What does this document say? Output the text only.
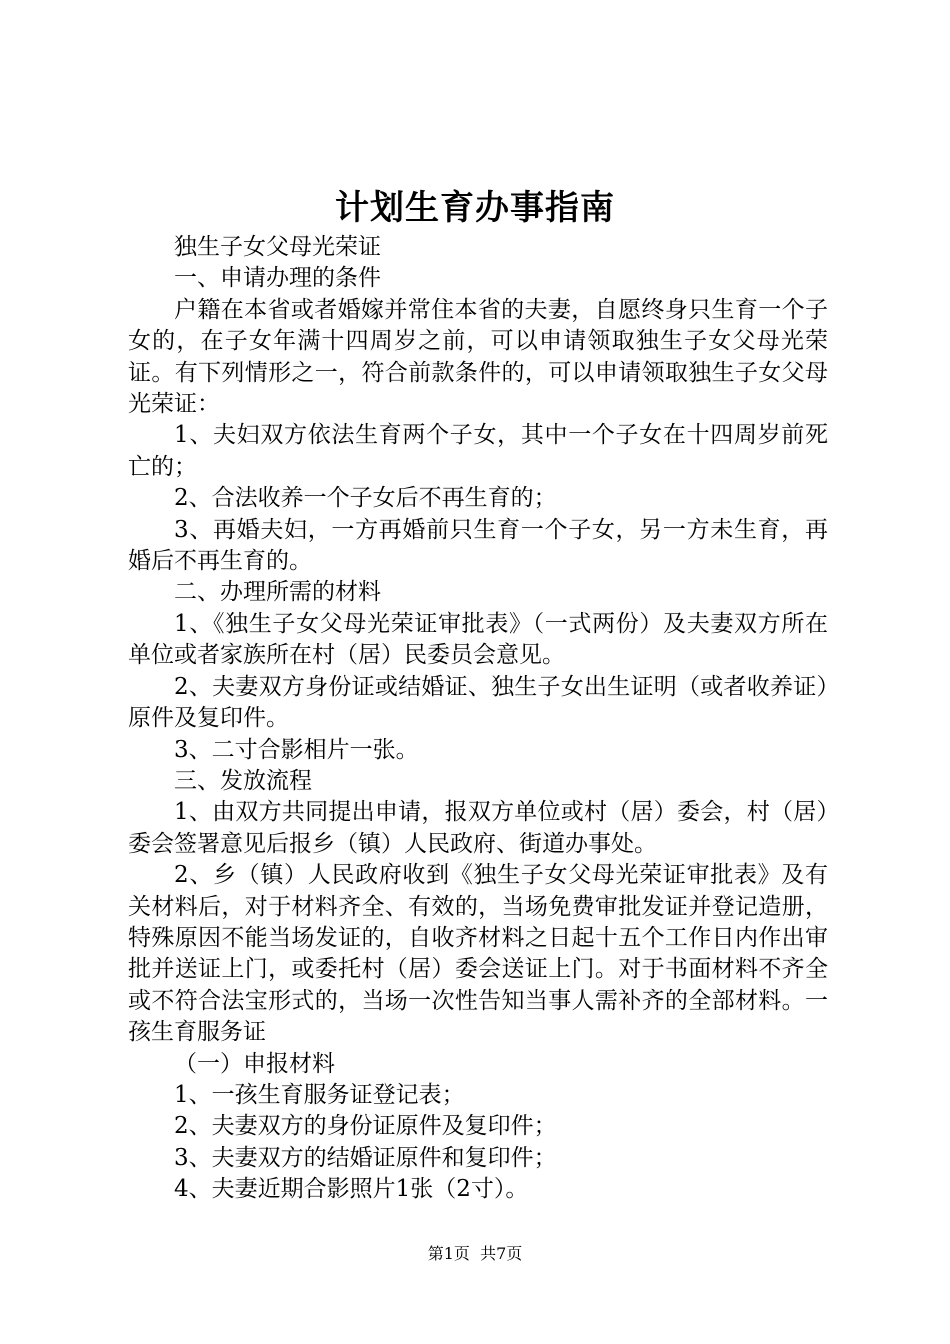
计划生育办事指南

独生子女父母光荣证

一、申请办理的条件

户籍在本省或者婚嫁并常住本省的夫妻，自愿终身只生育一个子女的，在子女年满十四周岁之前，可以申请领取独生子女父母光荣证。有下列情形之一，符合前款条件的，可以申请领取独生子女父母光荣证：

1、夫妇双方依法生育两个子女，其中一个子女在十四周岁前死亡的；

2、合法收养一个子女后不再生育的；

3、再婚夫妇，一方再婚前只生育一个子女，另一方未生育，再婚后不再生育的。

二、办理所需的材料

1、《独生子女父母光荣证审批表》（一式两份）及夫妻双方所在单位或者家族所在村（居）民委员会意见。

2、夫妻双方身份证或结婚证、独生子女出生证明（或者收养证）原件及复印件。

3、二寸合影相片一张。

三、发放流程

1、由双方共同提出申请，报双方单位或村（居）委会，村（居）委会签署意见后报乡（镇）人民政府、街道办事处。

2、乡（镇）人民政府收到《独生子女父母光荣证审批表》及有关材料后，对于材料齐全、有效的，当场免费审批发证并登记造册，特殊原因不能当场发证的，自收齐材料之日起十五个工作日内作出审批并送证上门，或委托村（居）委会送证上门。对于书面材料不齐全或不符合法宝形式的，当场一次性告知当事人需补齐的全部材料。一孩生育服务证

（一）申报材料

1、一孩生育服务证登记表；

2、夫妻双方的身份证原件及复印件；

3、夫妻双方的结婚证原件和复印件；

4、夫妻近期合影照片1张（2寸）。

第1页 共7页
